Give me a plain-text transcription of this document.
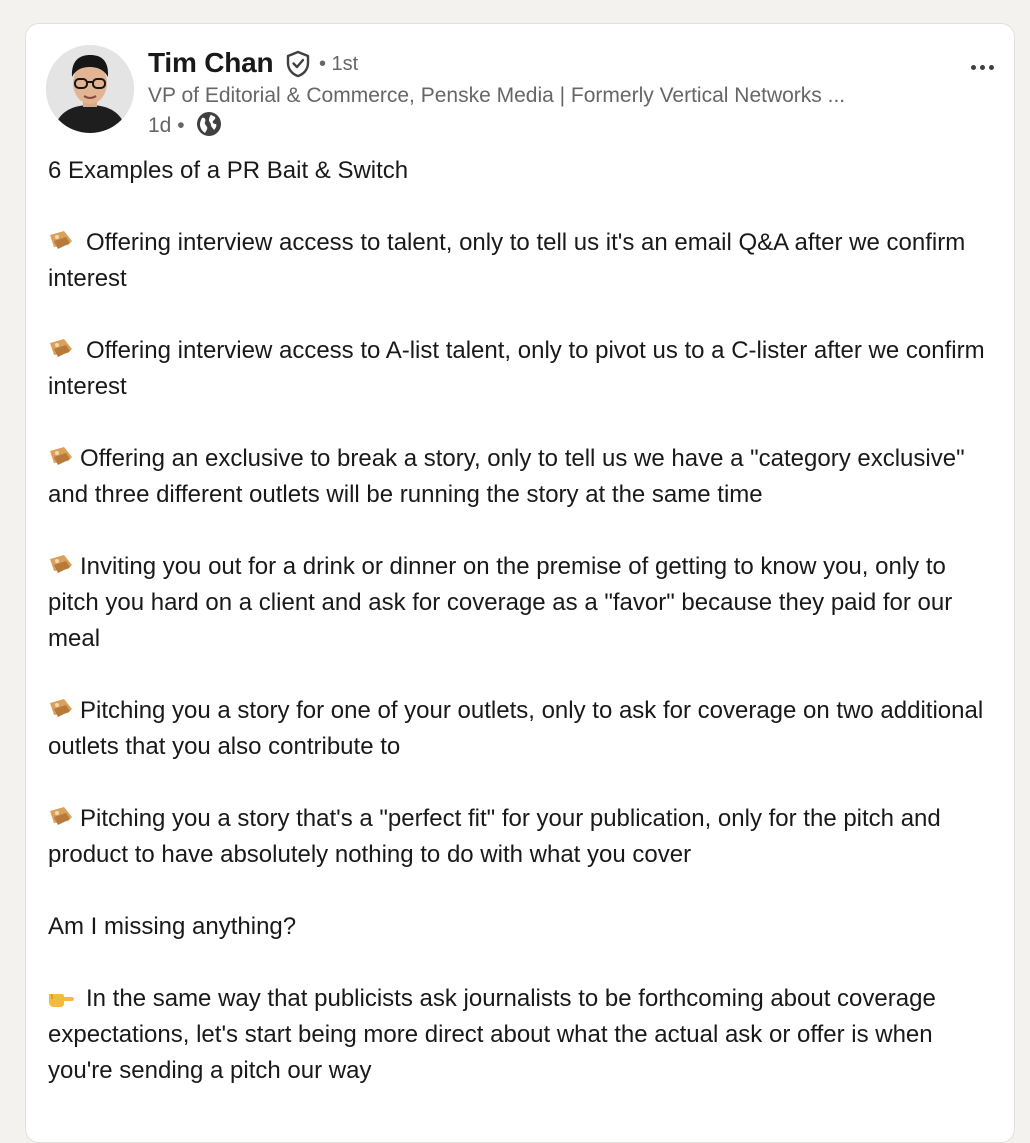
Tim Chan • 1st
VP of Editorial & Commerce, Penske Media | Formerly Vertical Networks ...
1d •

6 Examples of a PR Bait & Switch

Offering interview access to talent, only to tell us it's an email Q&A after we confirm interest

Offering interview access to A-list talent, only to pivot us to a C-lister after we confirm interest

Offering an exclusive to break a story, only to tell us we have a "category exclusive" and three different outlets will be running the story at the same time

Inviting you out for a drink or dinner on the premise of getting to know you, only to pitch you hard on a client and ask for coverage as a "favor" because they paid for our meal

Pitching you a story for one of your outlets, only to ask for coverage on two additional outlets that you also contribute to

Pitching you a story that's a "perfect fit" for your publication, only for the pitch and product to have absolutely nothing to do with what you cover

Am I missing anything?

In the same way that publicists ask journalists to be forthcoming about coverage expectations, let's start being more direct about what the actual ask or offer is when you're sending a pitch our way
